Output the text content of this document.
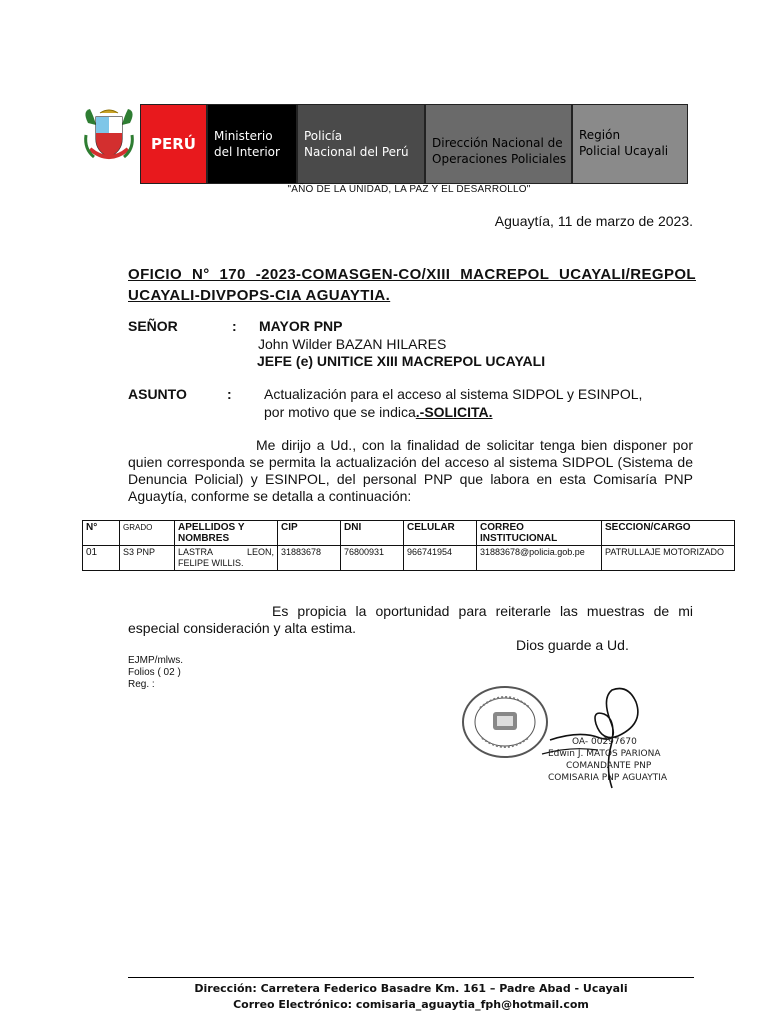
PERÚ Ministerio
del Interior
Policía
Nacional del Perú
Dirección Nacional de
Operaciones Policiales
Región
Policial Ucayali
"AÑO DE LA UNIDAD, LA PAZ Y EL DESARROLLO"
Aguaytía, 11 de marzo de 2023.
OFICIO N° 170 -2023-COMASGEN-CO/XIII MACREPOL UCAYALI/REGPOL UCAYALI-DIVPOPS-CIA AGUAYTIA.
SEÑOR	: MAYOR PNP
John Wilder BAZAN HILARES
JEFE (e) UNITICE XIII MACREPOL UCAYALI
ASUNTO	: Actualización para el acceso al sistema SIDPOL y ESINPOL,
por motivo que se indica.-SOLICITA.
Me dirijo a Ud., con la finalidad de solicitar tenga bien disponer por quien corresponda se permita la actualización del acceso al sistema SIDPOL (Sistema de Denuncia Policial) y ESINPOL, del personal PNP que labora en esta Comisaría PNP Aguaytía, conforme se detalla a continuación:
N°	GRADO	APELLIDOS Y NOMBRES	CIP	DNI	CELULAR	CORREO INSTITUCIONAL	SECCION/CARGO
01	S3 PNP	LASTRA LEON, FELIPE WILLIS.	31883678	76800931	966741954	31883678@policia.gob.pe	PATRULLAJE MOTORIZADO
Es propicia la oportunidad para reiterarle las muestras de mi especial consideración y alta estima.
Dios guarde a Ud.
EJMP/mlws.
Folios ( 02 )
Reg. :
OA- 00297670
Edwin J. MATOS PARIONA
COMANDANTE PNP
COMISARIA PNP AGUAYTIA
Dirección: Carretera Federico Basadre Km. 161 – Padre Abad - Ucayali
Correo Electrónico: comisaria_aguaytia_fph@hotmail.com
